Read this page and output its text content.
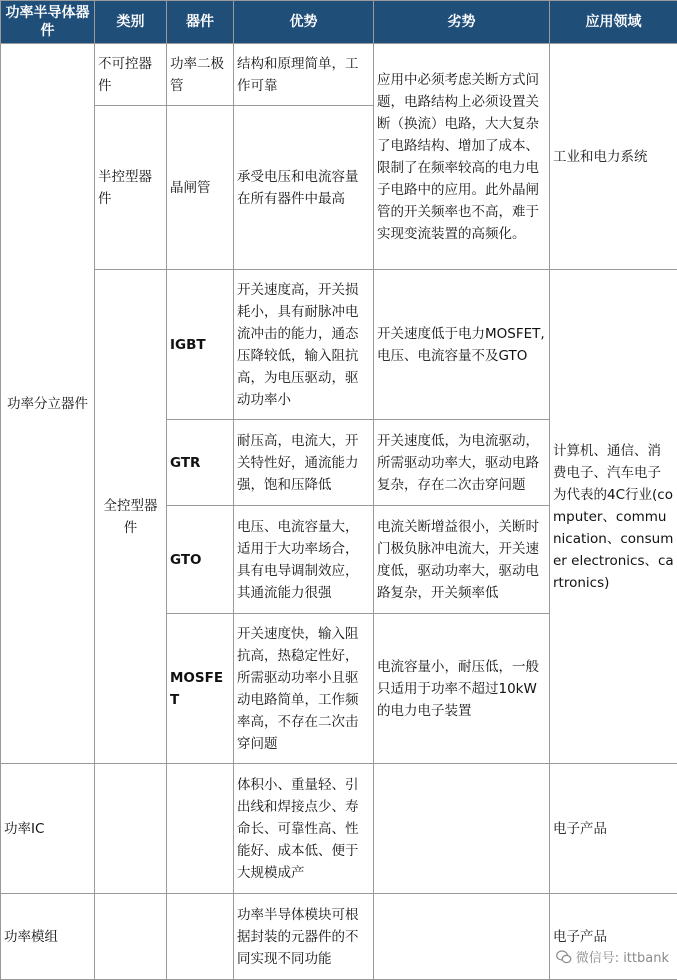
功率半导体器件	类别	器件	优势	劣势	应用领域
功率分立器件	不可控器件	功率二极管	结构和原理简单，工作可靠	应用中必须考虑关断方式问题，电路结构上必须设置关断（换流）电路，大大复杂了电路结构、增加了成本、限制了在频率较高的电力电子电路中的应用。此外晶闸管的开关频率也不高，难于实现变流装置的高频化。	工业和电力系统
	半控型器件	晶闸管	承受电压和电流容量在所有器件中最高		
	全控型器件	IGBT	开关速度高，开关损耗小，具有耐脉冲电流冲击的能力，通态压降较低，输入阻抗高，为电压驱动，驱动功率小	开关速度低于电力MOSFET,电压、电流容量不及GTO	计算机、通信、消费电子、汽车电子为代表的4C行业(computer、communication、consumer electronics、cartronics)
		GTR	耐压高，电流大，开关特性好，通流能力强，饱和压降低	开关速度低，为电流驱动，所需驱动功率大，驱动电路复杂，存在二次击穿问题	
		GTO	电压、电流容量大，适用于大功率场合，具有电导调制效应，其通流能力很强	电流关断增益很小，关断时门极负脉冲电流大，开关速度低，驱动功率大，驱动电路复杂，开关频率低	
		MOSFET	开关速度快，输入阻抗高，热稳定性好，所需驱动功率小且驱动电路简单，工作频率高，不存在二次击穿问题	电流容量小，耐压低，一般只适用于功率不超过10kW的电力电子装置	
功率IC			体积小、重量轻、引出线和焊接点少、寿命长、可靠性高、性能好、成本低、便于大规模成产		电子产品
功率模组			功率半导体模块可根据封装的元器件的不同实现不同功能		电子产品
微信号: ittbank
